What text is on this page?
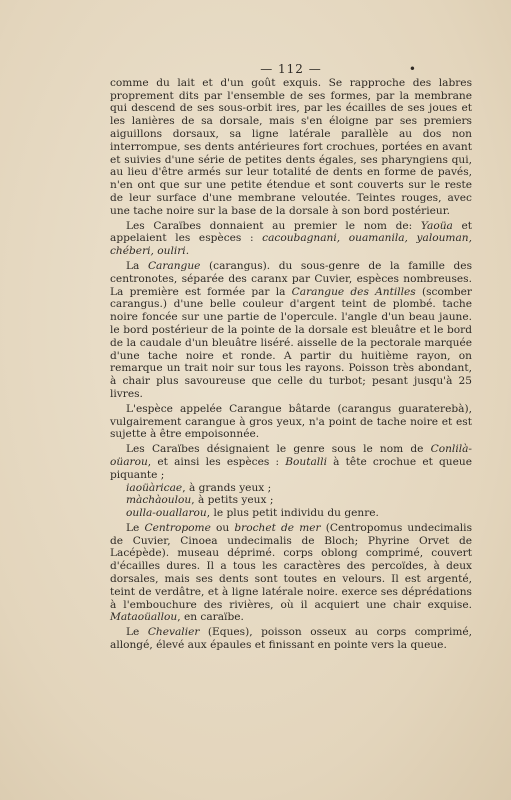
— 112 —	•

comme du lait et d'un goût exquis. Se rapproche des labres proprement dits par l'ensemble de ses formes, par la membrane qui descend de ses sous-orbit ires, par les écailles de ses joues et les lanières de sa dorsale, mais s'en éloigne par ses premiers aiguillons dorsaux, sa ligne latérale parallèle au dos non interrompue, ses dents antérieures fort crochues, portées en avant et suivies d'une série de petites dents égales, ses pharyngiens qui, au lieu d'être armés sur leur totalité de dents en forme de pavés, n'en ont que sur une petite étendue et sont couverts sur le reste de leur surface d'une membrane veloutée. Teintes rouges, avec une tache noire sur la base de la dorsale à son bord postérieur.

Les Caraïbes donnaient au premier le nom de: Yaoüa et appelaient les espèces : cacoubagnani, ouamanila, yalouman, chéberi, ouliri.

La Carangue (carangus). du sous-genre de la famille des centronotes, séparée des caranx par Cuvier, espèces nombreuses. La première est formée par la Carangue des Antilles (scomber carangus.) d'une belle couleur d'argent teint de plombé. tache noire foncée sur une partie de l'opercule. l'angle d'un beau jaune. le bord postérieur de la pointe de la dorsale est bleuâtre et le bord de la caudale d'un bleuâtre liséré. aisselle de la pectorale marquée d'une tache noire et ronde. A partir du huitième rayon, on remarque un trait noir sur tous les rayons. Poisson très abondant, à chair plus savoureuse que celle du turbot; pesant jusqu'à 25 livres.

L'espèce appelée Carangue bâtarde (carangus guaraterebà), vulgairement carangue à gros yeux, n'a point de tache noire et est sujette à être empoisonnée.

Les Caraïbes désignaient le genre sous le nom de Conlilà-oüarou, et ainsi les espèces : Boutalli à tête crochue et queue piquante ;

iaoüàricae, à grands yeux ;

màchàoulou, à petits yeux ;

oulla-ouallarou, le plus petit individu du genre.

Le Centropome ou brochet de mer (Centropomus undecimalis de Cuvier, Cinoea undecimalis de Bloch; Phyrine Orvet de Lacépède). museau déprimé. corps oblong comprimé, couvert d'écailles dures. Il a tous les caractères des percoïdes, à deux dorsales, mais ses dents sont toutes en velours. Il est argenté, teint de verdâtre, et à ligne latérale noire. exerce ses déprédations à l'embouchure des rivières, où il acquiert une chair exquise. Mataoüallou, en caraïbe.

Le Chevalier (Eques), poisson osseux au corps comprimé, allongé, élevé aux épaules et finissant en pointe vers la queue.
